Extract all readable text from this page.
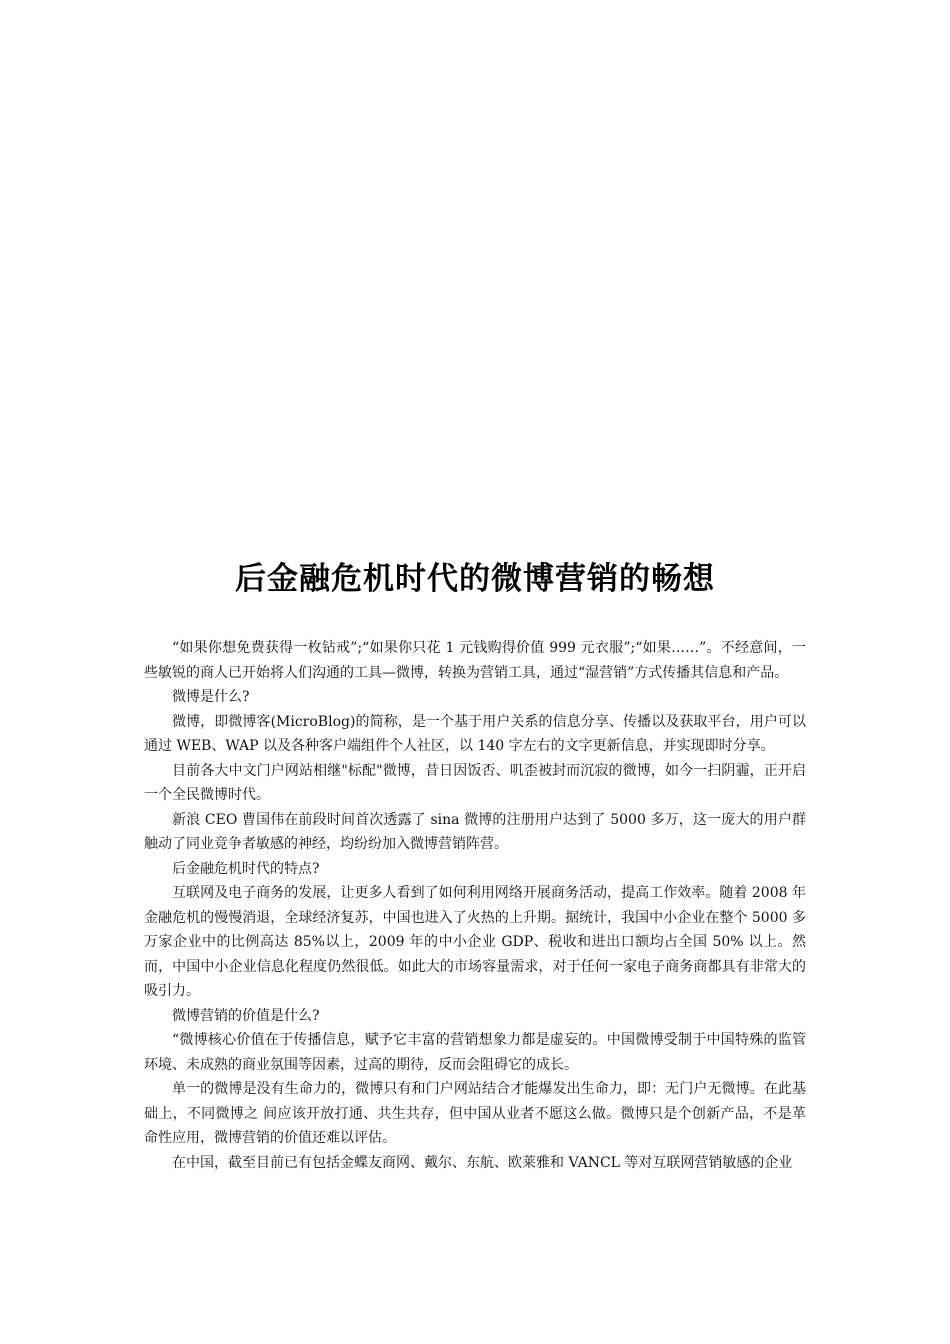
后金融危机时代的微博营销的畅想

“如果你想免费获得一枚钻戒”;“如果你只花 1 元钱购得价值 999 元衣服”;“如果……”。不经意间，一些敏锐的商人已开始将人们沟通的工具—微博，转换为营销工具，通过“湿营销”方式传播其信息和产品。

微博是什么?

微博，即微博客(MicroBlog)的简称，是一个基于用户关系的信息分享、传播以及获取平台，用户可以通过 WEB、WAP 以及各种客户端组件个人社区，以 140 字左右的文字更新信息，并实现即时分享。

目前各大中文门户网站相继"标配"微博，昔日因饭否、叽歪被封而沉寂的微博，如今一扫阴霾，正开启一个全民微博时代。

新浪 CEO 曹国伟在前段时间首次透露了 sina 微博的注册用户达到了 5000 多万，这一庞大的用户群触动了同业竞争者敏感的神经，均纷纷加入微博营销阵营。

后金融危机时代的特点?

互联网及电子商务的发展，让更多人看到了如何利用网络开展商务活动，提高工作效率。随着 2008 年金融危机的慢慢消退，全球经济复苏，中国也进入了火热的上升期。据统计，我国中小企业在整个 5000 多万家企业中的比例高达 85%以上，2009 年的中小企业 GDP、税收和进出口额均占全国 50% 以上。然而，中国中小企业信息化程度仍然很低。如此大的市场容量需求，对于任何一家电子商务商都具有非常大的吸引力。

微博营销的价值是什么?

“微博核心价值在于传播信息，赋予它丰富的营销想象力都是虚妄的。中国微博受制于中国特殊的监管环境、未成熟的商业氛围等因素，过高的期待，反而会阻碍它的成长。

单一的微博是没有生命力的，微博只有和门户网站结合才能爆发出生命力，即：无门户无微博。在此基础上，不同微博之 间应该开放打通、共生共存，但中国从业者不愿这么做。微博只是个创新产品，不是革命性应用，微博营销的价值还难以评估。

在中国，截至目前已有包括金蝶友商网、戴尔、东航、欧莱雅和 VANCL 等对互联网营销敏感的企业
